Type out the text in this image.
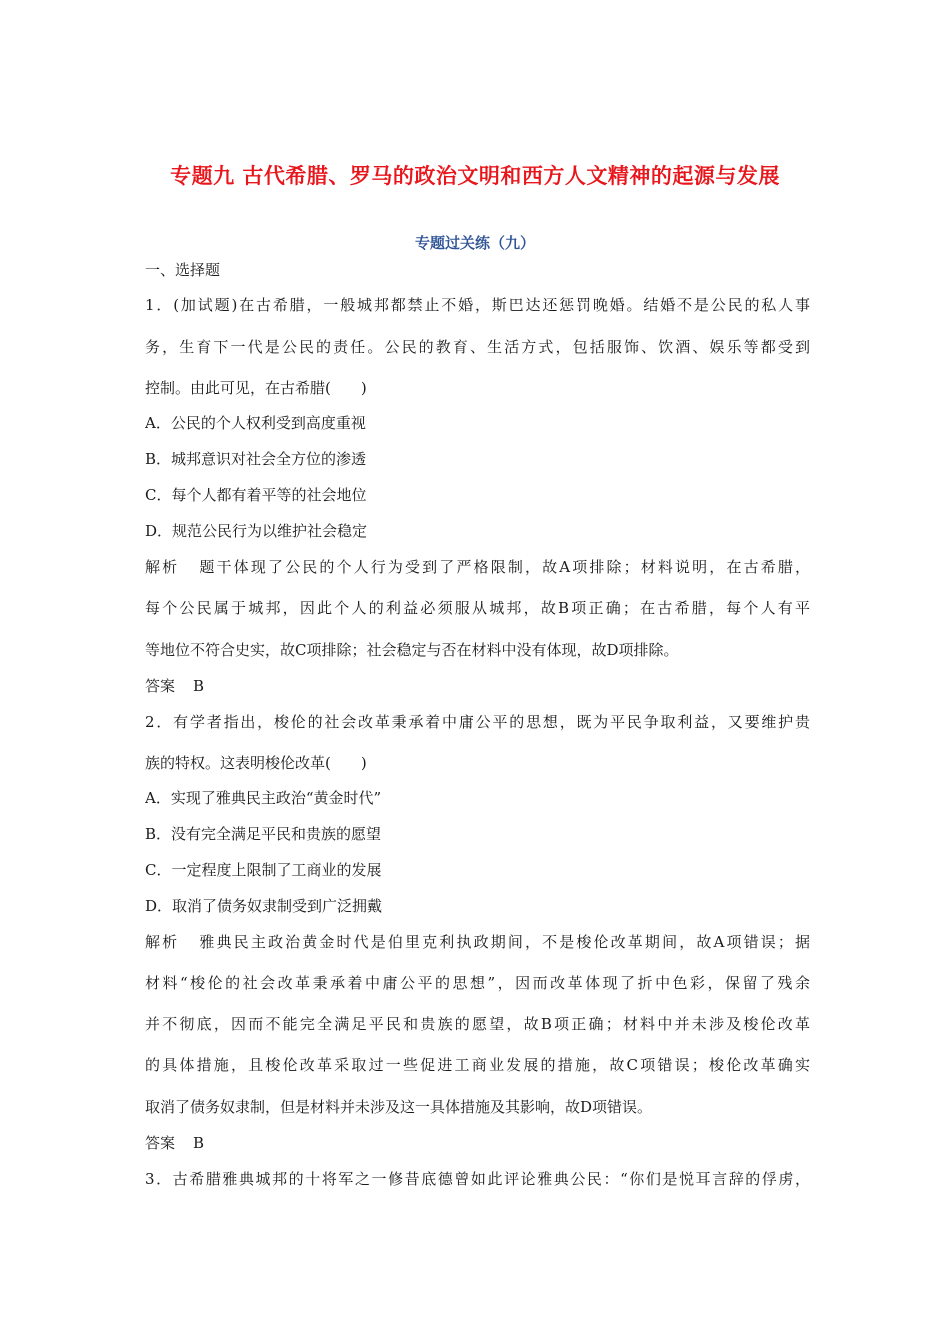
专题九 古代希腊、罗马的政治文明和西方人文精神的起源与发展
专题过关练（九）
一、选择题
1．(加试题)在古希腊，一般城邦都禁止不婚，斯巴达还惩罚晚婚。结婚不是公民的私人事
务，生育下一代是公民的责任。公民的教育、生活方式，包括服饰、饮酒、娱乐等都受到
控制。由此可见，在古希腊(　　)
A．公民的个人权利受到高度重视
B．城邦意识对社会全方位的渗透
C．每个人都有着平等的社会地位
D．规范公民行为以维护社会稳定
解析 题干体现了公民的个人行为受到了严格限制，故A项排除；材料说明，在古希腊，
每个公民属于城邦，因此个人的利益必须服从城邦，故B项正确；在古希腊，每个人有平
等地位不符合史实，故C项排除；社会稳定与否在材料中没有体现，故D项排除。
答案 B
2．有学者指出，梭伦的社会改革秉承着中庸公平的思想，既为平民争取利益，又要维护贵
族的特权。这表明梭伦改革(　　)
A．实现了雅典民主政治“黄金时代”
B．没有完全满足平民和贵族的愿望
C．一定程度上限制了工商业的发展
D．取消了债务奴隶制受到广泛拥戴
解析 雅典民主政治黄金时代是伯里克利执政期间，不是梭伦改革期间，故A项错误；据
材料“梭伦的社会改革秉承着中庸公平的思想”，因而改革体现了折中色彩，保留了残余
并不彻底，因而不能完全满足平民和贵族的愿望，故B项正确；材料中并未涉及梭伦改革
的具体措施，且梭伦改革采取过一些促进工商业发展的措施，故C项错误；梭伦改革确实
取消了债务奴隶制，但是材料并未涉及这一具体措施及其影响，故D项错误。
答案 B
3．古希腊雅典城邦的十将军之一修昔底德曾如此评论雅典公民：“你们是悦耳言辞的俘虏，
